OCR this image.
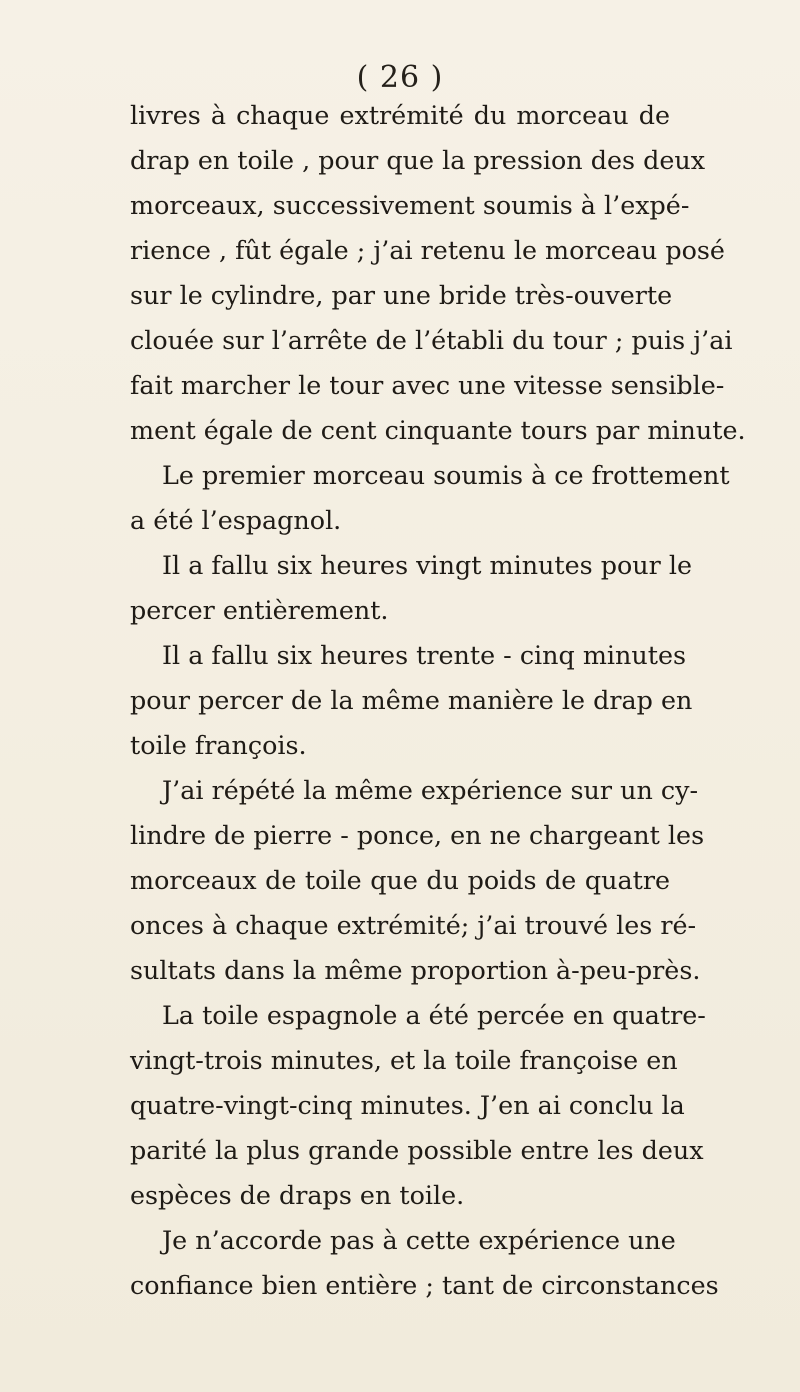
( 26 )
livres à chaque extrémité du morceau de
drap en toile , pour que la pression des deux
morceaux, successivement soumis à l’expé-
rience , fût égale ; j’ai retenu le morceau posé
sur le cylindre, par une bride très-ouverte
clouée sur l’arrête de l’établi du tour ; puis j’ai
fait marcher le tour avec une vitesse sensible-
ment égale de cent cinquante tours par minute.
Le premier morceau soumis à ce frottement
a été l’espagnol.
Il a fallu six heures vingt minutes pour le
percer entièrement.
Il a fallu six heures trente - cinq minutes
pour percer de la même manière le drap en
toile françois.
J’ai répété la même expérience sur un cy-
lindre de pierre - ponce, en ne chargeant les
morceaux de toile que du poids de quatre
onces à chaque extrémité; j’ai trouvé les ré-
sultats dans la même proportion à-peu-près.
La toile espagnole a été percée en quatre-
vingt-trois minutes, et la toile françoise en
quatre-vingt-cinq minutes. J’en ai conclu la
parité la plus grande possible entre les deux
espèces de draps en toile.
Je n’accorde pas à cette expérience une
confiance bien entière ; tant de circonstances
